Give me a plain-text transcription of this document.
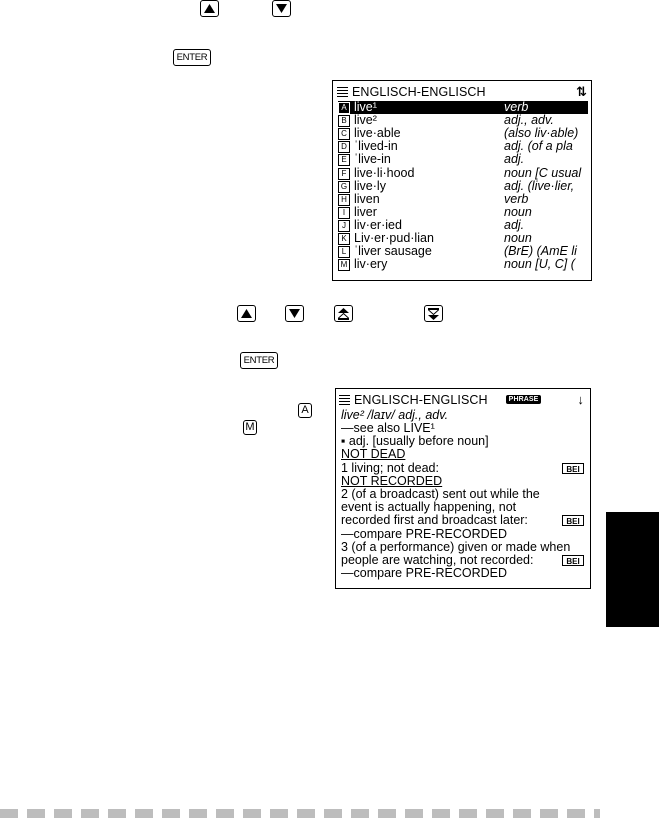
ENTER
ENGLISCH-ENGLISCH	⇅
A live¹	verb
B live²	adj., adv.
C live·able	(also liv·able)
D ˈlived-in	adj. (of a pla
E ˈlive-in	adj.
F live·li·hood	noun [C usual
G live·ly	adj. (live·lier,
H liven	verb
I liver	noun
J liv·er·ied	adj.
K Liv·er·pud·lian	noun
L ˈliver sausage	(BrE) (AmE li
M liv·ery	noun [U, C] (
ENTER
A
M
ENGLISCH-ENGLISCH	PHRASE	↓
live² /laɪv/ adj., adv.
—see also LIVE¹
▪ adj. [usually before noun]
NOT DEAD
1 living; not dead:	BEI
NOT RECORDED
2 (of a broadcast) sent out while the
event is actually happening, not
recorded first and broadcast later:	BEI
—compare PRE-RECORDED
3 (of a performance) given or made when
people are watching, not recorded:	BEI
—compare PRE-RECORDED
